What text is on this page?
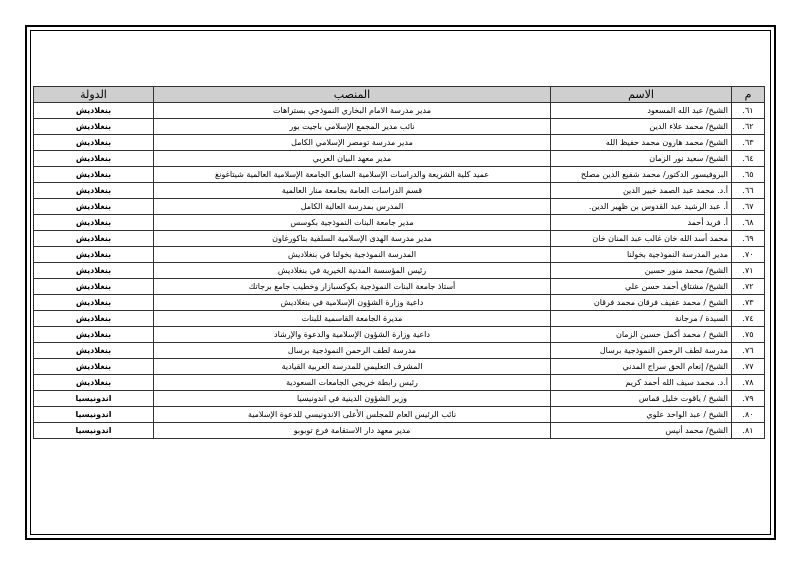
م	الاسم	المنصب	الدولة
٦١.	الشيخ/ عبد الله المسعود	مدير مدرسة الامام البخاري النموذجي بستراهات	بنغلاديش
٦٢.	الشيخ/ محمد علاء الدين	نائب مدير المجمع الإسلامي باجيت بور	بنغلاديش
٦٣.	الشيخ/ محمد هارون محمد حفيظ الله	مدير مدرسة تومصر الإسلامي الكامل	بنغلاديش
٦٤.	الشيخ/ سعيد نور الزمان	مدير معهد البيان العربي	بنغلاديش
٦٥.	البروفيسور الدكتور/ محمد شفيع الدين مصلح	عميد كلية الشريعة والدراسات الإسلامية السابق الجامعة الإسلامية العالمية شيتاغونغ	بنغلاديش
٦٦.	أ.د. محمد عبد الصمد خيير الدين	قسم الدراسات العامة بجامعة منار العالمية	بنغلاديش
٦٧.	أ. عبد الرشيد عبد القدوس بن ظهير الدين.	المدرس بمدرسة العالية الكامل	بنغلاديش
٦٨.	أ. فريد أحمد	مدير جامعة البنات النموذجية بكوسس	بنغلاديش
٦٩.	محمد أسد الله خان غالب عبد المنان خان	مدير مدرسة الهدى الإسلامية السلفية بتاكورغاون	بنغلاديش
٧٠.	مدير المدرسة النموذجية بخولنا	المدرسة النموذجية بخولنا في بنغلاديش	بنغلاديش
٧١.	الشيخ/ محمد منور حسين	رئيس المؤسسة المدنية الخيرية في بنغلاديش	بنغلاديش
٧٢.	الشيخ/ مشتاق أحمد حسن علي	أستاذ جامعة البنات النموذجية بكوكسبازار وخطيب جامع برجاتك	بنغلاديش
٧٣.	الشيخ / محمد عفيف فرقان محمد فرقان	داعية وزارة الشؤون الإسلامية في بنغلاديش	بنغلاديش
٧٤.	السيدة / مرجانة	مديرة الجامعة القاسمية للبنات	بنغلاديش
٧٥.	الشيخ / محمد أكمل حسين الزمان	داعية وزارة الشؤون الإسلامية والدعوة والإرشاد	بنغلاديش
٧٦.	مدرسة لطف الرحمن النموذجية برسال	مدرسة لطف الرحمن النموذجية برسال	بنغلاديش
٧٧.	الشيخ/ إنعام الحق سراج المدني	المشرف التعليمي للمدرسة العربية القيادية	بنغلاديش
٧٨.	أ.د. محمد سيف الله أحمد كريم	رئيس رابطة خريجي الجامعات السعودية	بنغلاديش
٧٩.	الشيخ / ياقوت خليل قماس	وزير الشؤون الدينية في اندونيسيا	اندونيسيا
٨٠.	الشيخ / عبد الواحد علوي	نائب الرئيس العام للمجلس الأعلى الاندونيسي للدعوة الإسلامية	اندونيسيا
٨١.	الشيخ/ محمد أنيس	مدير معهد دار الاستقامة فرع توبوبو	اندونيسيا
